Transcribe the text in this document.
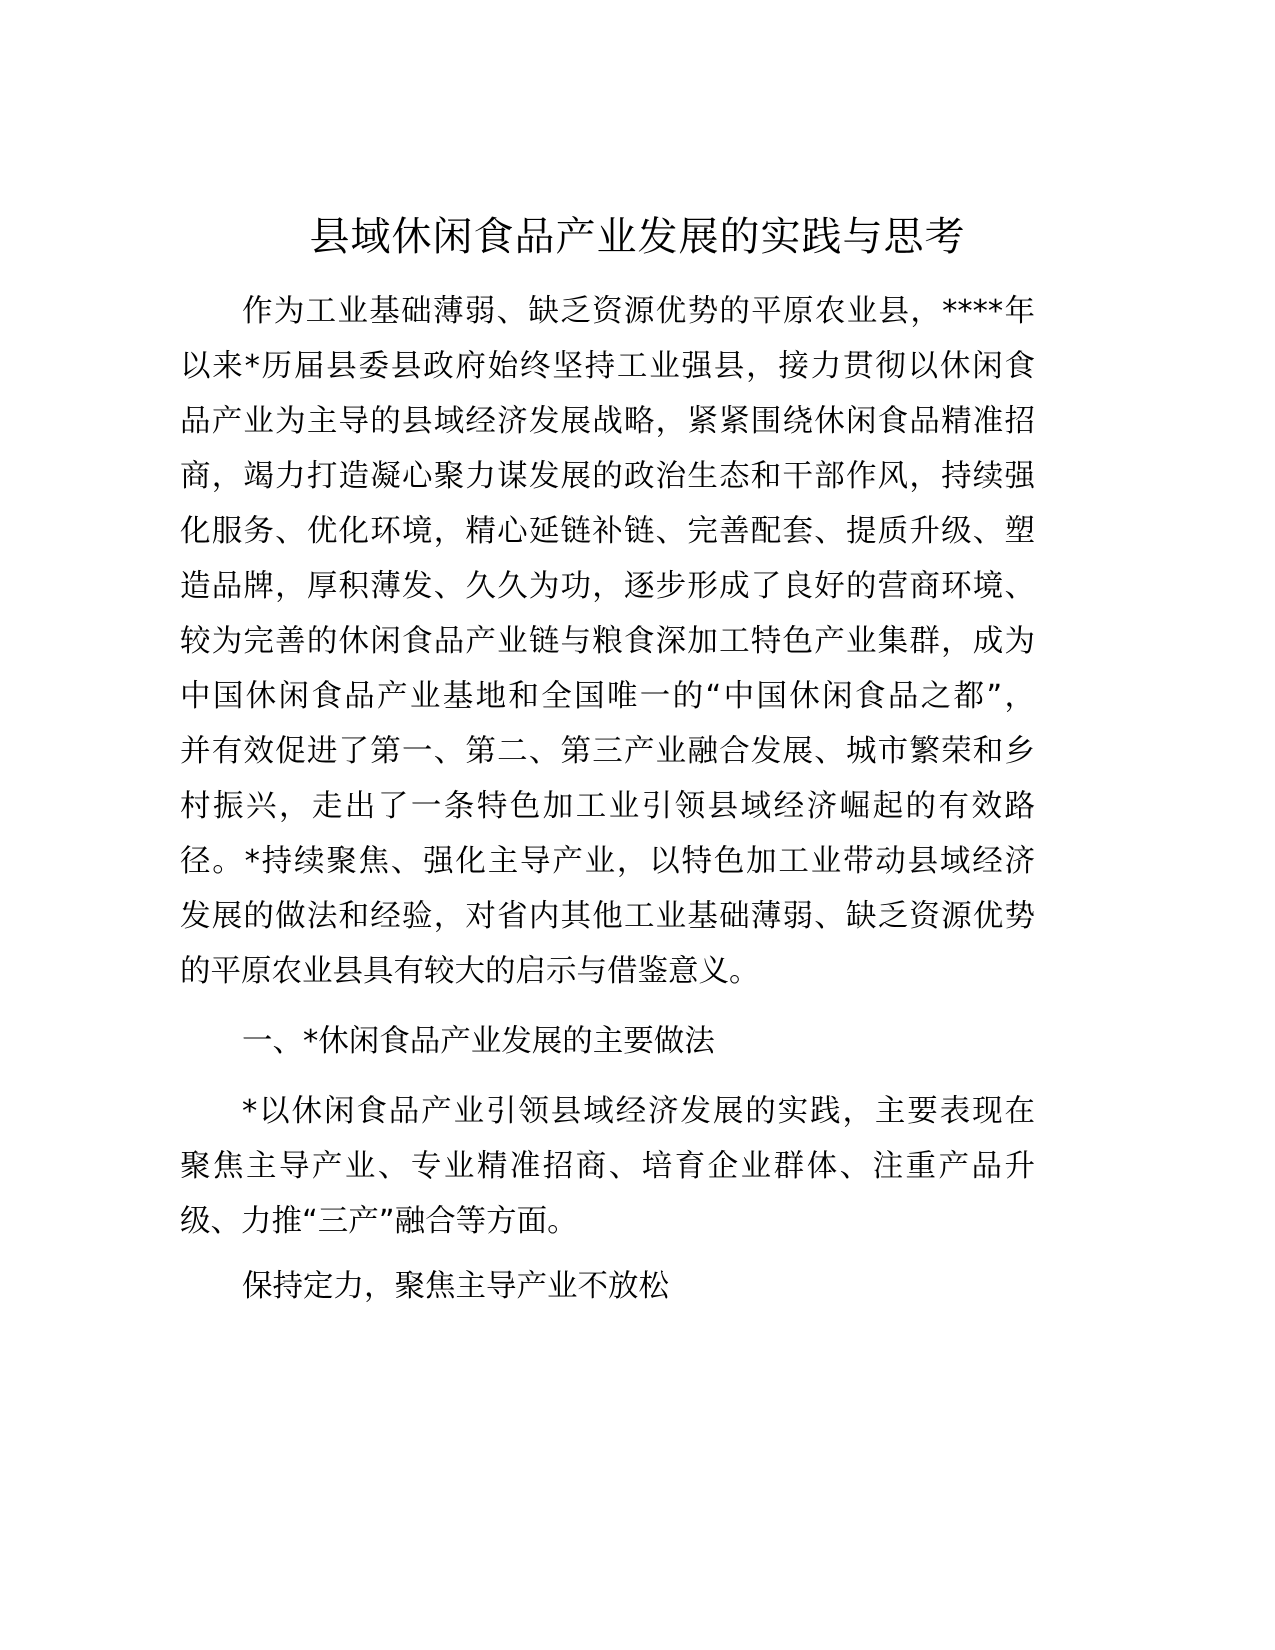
县域休闲食品产业发展的实践与思考
作为工业基础薄弱、缺乏资源优势的平原农业县，****年
以来*历届县委县政府始终坚持工业强县，接力贯彻以休闲食
品产业为主导的县域经济发展战略，紧紧围绕休闲食品精准招
商，竭力打造凝心聚力谋发展的政治生态和干部作风，持续强
化服务、优化环境，精心延链补链、完善配套、提质升级、塑
造品牌，厚积薄发、久久为功，逐步形成了良好的营商环境、
较为完善的休闲食品产业链与粮食深加工特色产业集群，成为
中国休闲食品产业基地和全国唯一的“中国休闲食品之都”，
并有效促进了第一、第二、第三产业融合发展、城市繁荣和乡
村振兴，走出了一条特色加工业引领县域经济崛起的有效路
径。*持续聚焦、强化主导产业，以特色加工业带动县域经济
发展的做法和经验，对省内其他工业基础薄弱、缺乏资源优势
的平原农业县具有较大的启示与借鉴意义。
一、*休闲食品产业发展的主要做法
*以休闲食品产业引领县域经济发展的实践，主要表现在
聚焦主导产业、专业精准招商、培育企业群体、注重产品升
级、力推“三产”融合等方面。
保持定力，聚焦主导产业不放松
